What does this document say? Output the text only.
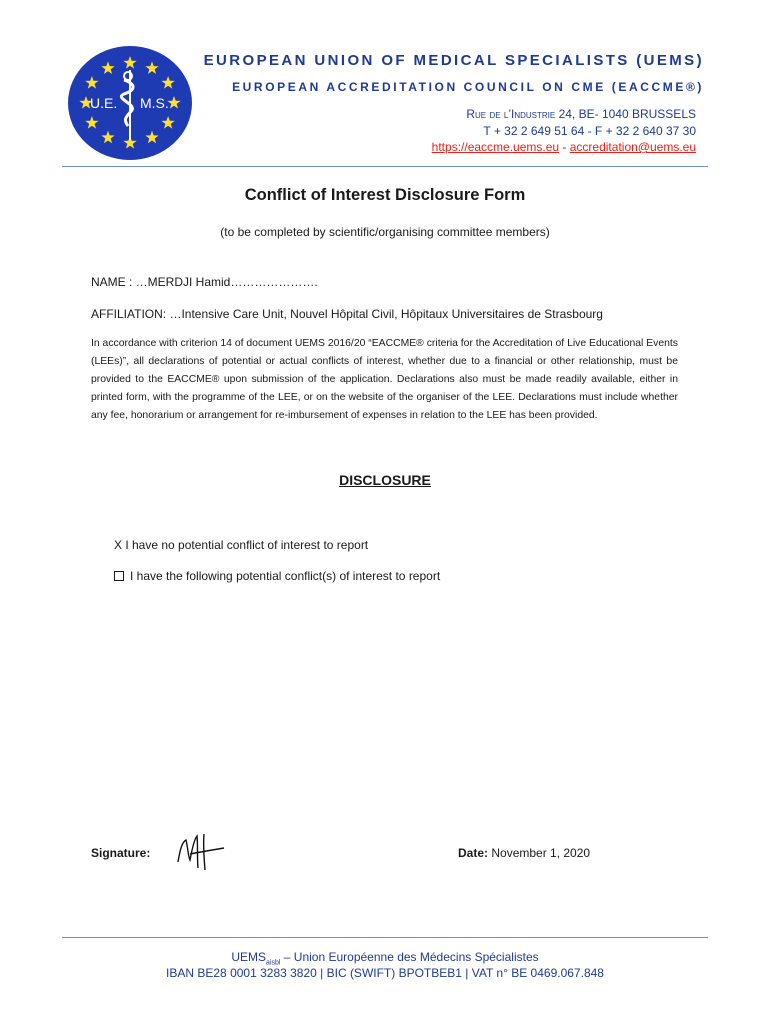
U.E. M.S.
EUROPEAN UNION OF MEDICAL SPECIALISTS (UEMS)
EUROPEAN ACCREDITATION COUNCIL ON CME (EACCME®)
Rue de l’Industrie 24, BE- 1040 BRUSSELS
T + 32 2 649 51 64 - F + 32 2 640 37 30
https://eaccme.uems.eu - accreditation@uems.eu
Conflict of Interest Disclosure Form
(to be completed by scientific/organising committee members)
NAME : …MERDJI Hamid………………….
AFFILIATION: …Intensive Care Unit, Nouvel Hôpital Civil, Hôpitaux Universitaires de Strasbourg
In accordance with criterion 14 of document UEMS 2016/20 “EACCME® criteria for the Accreditation of Live Educational Events (LEEs)”, all declarations of potential or actual conflicts of interest, whether due to a financial or other relationship, must be provided to the EACCME® upon submission of the application. Declarations also must be made readily available, either in printed form, with the programme of the LEE, or on the website of the organiser of the LEE. Declarations must include whether any fee, honorarium or arrangement for re-imbursement of expenses in relation to the LEE has been provided.
DISCLOSURE
X I have no potential conflict of interest to report
I have the following potential conflict(s) of interest to report
Signature:	Date: November 1, 2020
$UEMS_{aisbl}$ – Union Européenne des Médecins Spécialistes
IBAN BE28 0001 3283 3820 | BIC (SWIFT) BPOTBEB1 | VAT n° BE 0469.067.848
